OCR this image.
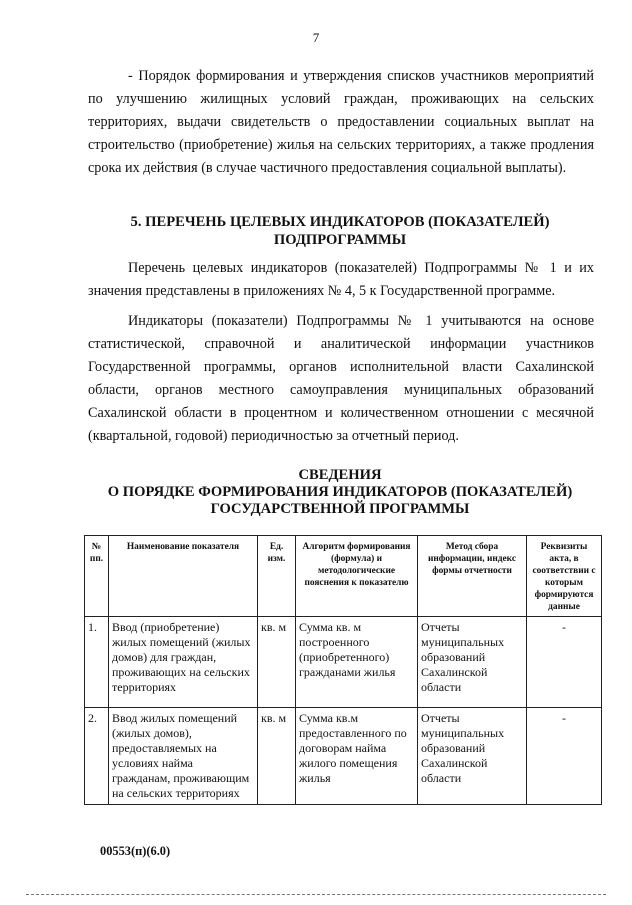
7

- Порядок формирования и утверждения списков участников мероприятий по улучшению жилищных условий граждан, проживающих на сельских территориях, выдачи свидетельств о предоставлении социальных выплат на строительство (приобретение) жилья на сельских территориях, а также продления срока их действия (в случае частичного предоставления социальной выплаты).

5. ПЕРЕЧЕНЬ ЦЕЛЕВЫХ ИНДИКАТОРОВ (ПОКАЗАТЕЛЕЙ)

ПОДПРОГРАММЫ

Перечень целевых индикаторов (показателей) Подпрограммы № 1 и их значения представлены в приложениях № 4, 5 к Государственной программе.

Индикаторы (показатели) Подпрограммы № 1 учитываются на основе статистической, справочной и аналитической информации участников Государственной программы, органов исполнительной власти Сахалинской области, органов местного самоуправления муниципальных образований Сахалинской области в процентном и количественном отношении с месячной (квартальной, годовой) периодичностью за отчетный период.

СВЕДЕНИЯ

О ПОРЯДКЕ ФОРМИРОВАНИЯ ИНДИКАТОРОВ (ПОКАЗАТЕЛЕЙ)

ГОСУДАРСТВЕННОЙ ПРОГРАММЫ

№ пп.	Наименование показателя	Ед. изм.	Алгоритм формирования (формула) и методологические пояснения к показателю	Метод сбора информации, индекс формы отчетности	Реквизиты акта, в соответствии с которым формируются данные
1.	Ввод (приобретение) жилых помещений (жилых домов) для граждан, проживающих на сельских территориях	кв. м	Сумма кв. м построенного (приобретенного) гражданами жилья	Отчеты муниципальных образований Сахалинской области	-
2.	Ввод жилых помещений (жилых домов), предоставляемых на условиях найма гражданам, проживающим на сельских территориях	кв. м	Сумма кв.м предоставленного по договорам найма жилого помещения жилья	Отчеты муниципальных образований Сахалинской области	-
00553(п)(6.0)
